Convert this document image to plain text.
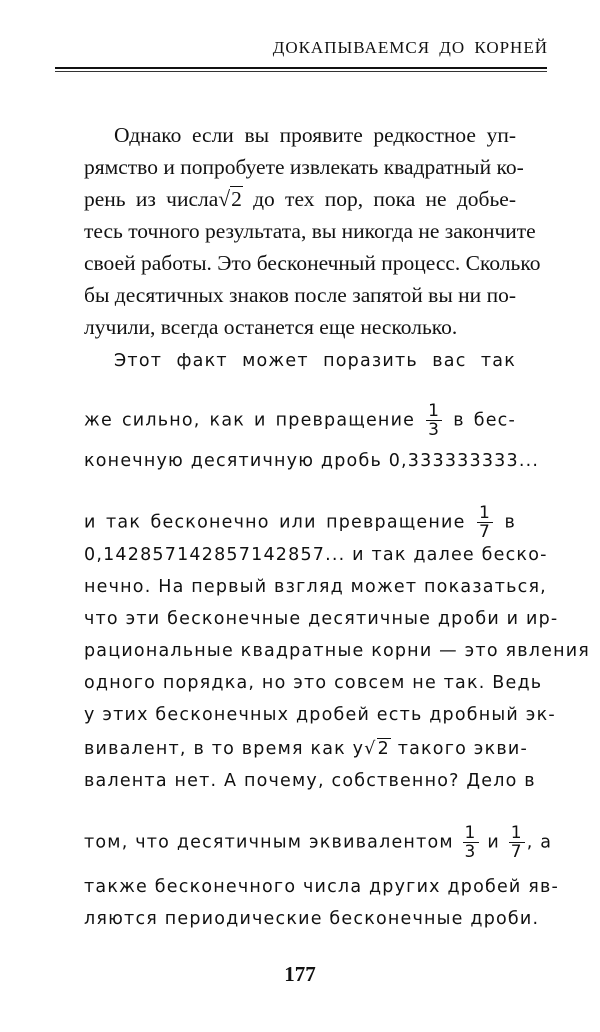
ДОКАПЫВАЕМСЯ ДО КОРНЕЙ
Однако если вы проявите редкостное уп-
рямство и попробуете извлекать квадратный ко-
рень из числа√2 до тех пор, пока не добье-
тесь точного результата, вы никогда не закончите
своей работы. Это бесконечный процесс. Сколько
бы десятичных знаков после запятой вы ни по-
лучили, всегда останется еще несколько.
Этот факт может поразить вас так
же сильно, как и превращение $\frac{1}{3}$ в бес-
конечную десятичную дробь 0,333333333...
и так бесконечно или превращение $\frac{1}{7}$ в
0,142857142857142857... и так далее беско-
нечно. На первый взгляд может показаться,
что эти бесконечные десятичные дроби и ир-
рациональные квадратные корни — это явления
одного порядка, но это совсем не так. Ведь
у этих бесконечных дробей есть дробный эк-
вивалент, в то время как у√2 такого экви-
валента нет. А почему, собственно? Дело в
том, что десятичным эквивалентом $\frac{1}{3}$ и $\frac{1}{7}$ , а
также бесконечного числа других дробей яв-
ляются периодические бесконечные дроби.
177
